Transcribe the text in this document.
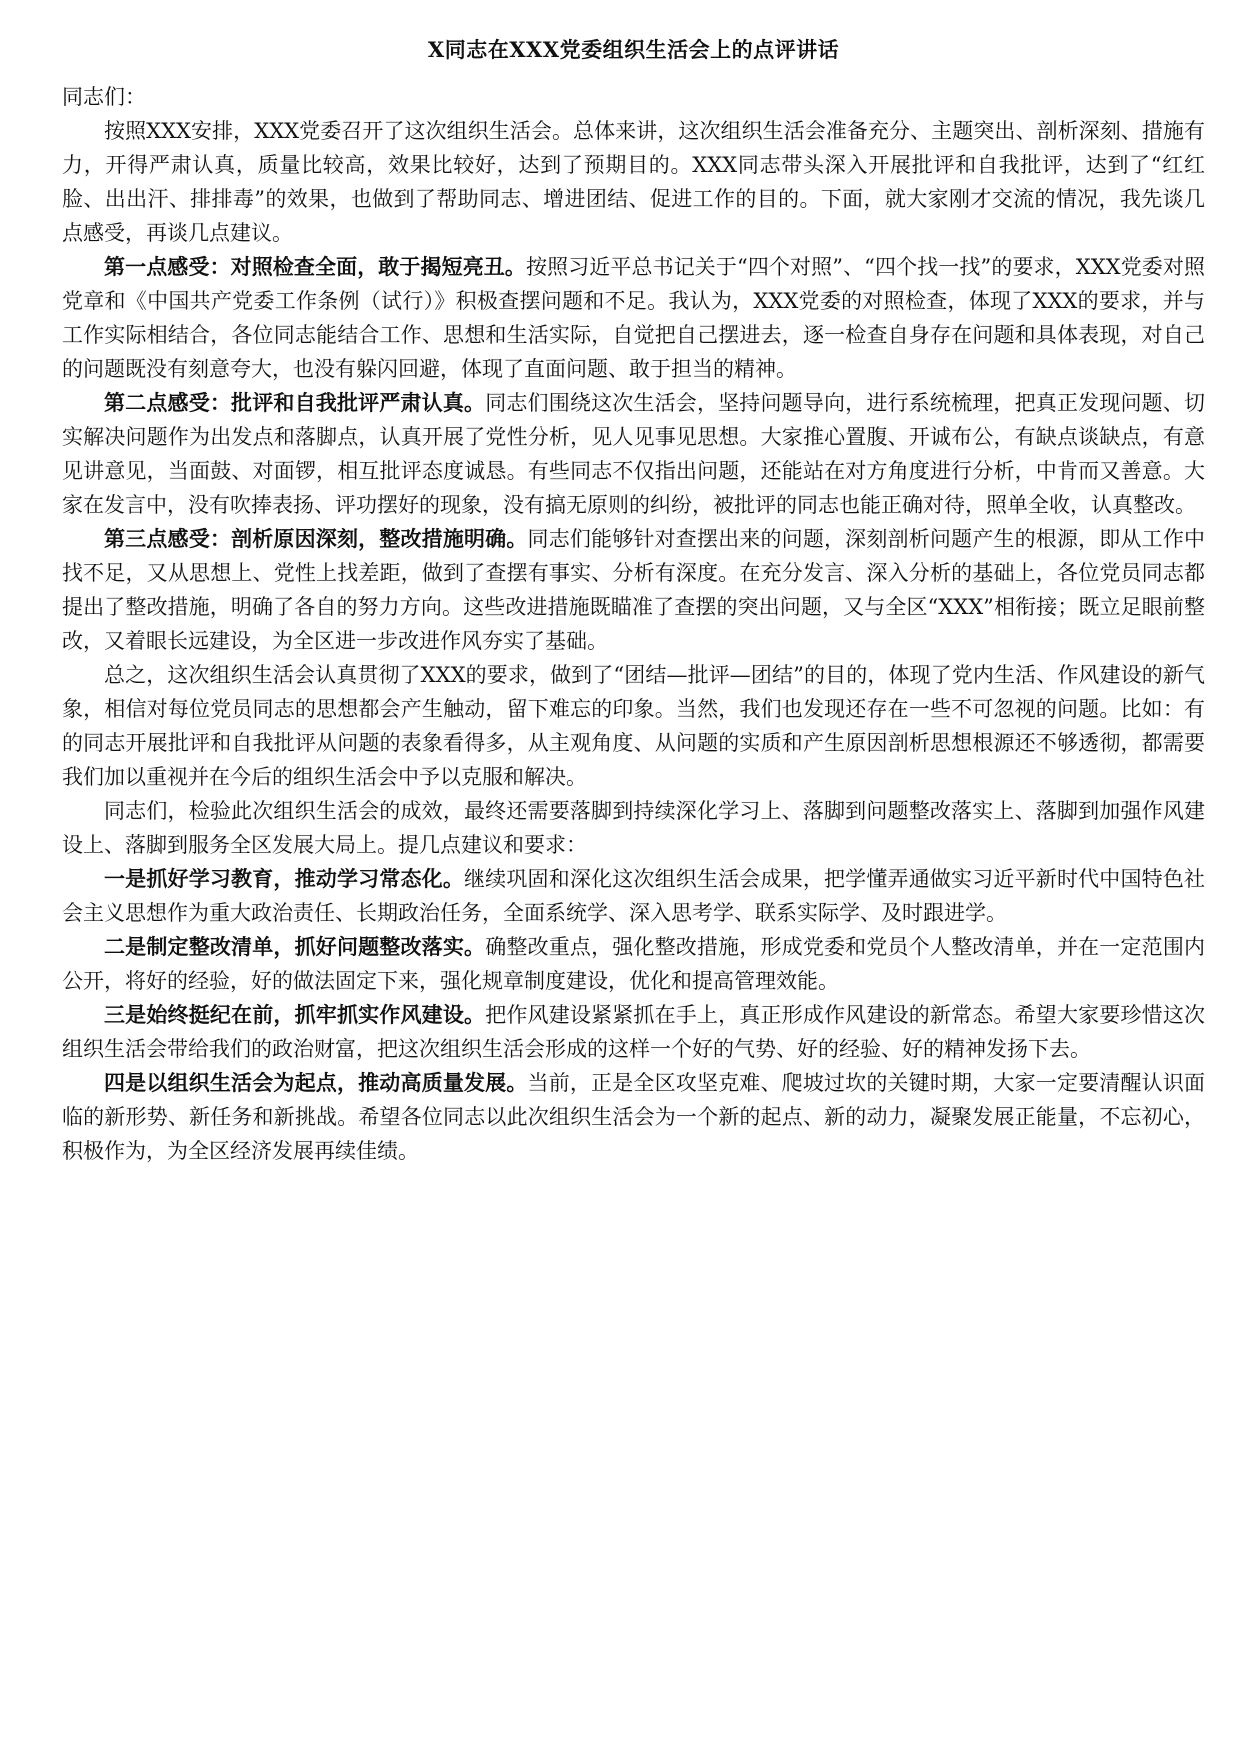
X同志在XXX党委组织生活会上的点评讲话

同志们：

按照XXX安排，XXX党委召开了这次组织生活会。总体来讲，这次组织生活会准备充分、主题突出、剖析深刻、措施有力，开得严肃认真，质量比较高，效果比较好，达到了预期目的。XXX同志带头深入开展批评和自我批评，达到了“红红脸、出出汗、排排毒”的效果，也做到了帮助同志、增进团结、促进工作的目的。下面，就大家刚才交流的情况，我先谈几点感受，再谈几点建议。

第一点感受：对照检查全面，敢于揭短亮丑。按照习近平总书记关于“四个对照”、“四个找一找”的要求，XXX党委对照党章和《中国共产党委工作条例（试行）》积极查摆问题和不足。我认为，XXX党委的对照检查，体现了XXX的要求，并与工作实际相结合，各位同志能结合工作、思想和生活实际，自觉把自己摆进去，逐一检查自身存在问题和具体表现，对自己的问题既没有刻意夸大，也没有躲闪回避，体现了直面问题、敢于担当的精神。

第二点感受：批评和自我批评严肃认真。同志们围绕这次生活会，坚持问题导向，进行系统梳理，把真正发现问题、切实解决问题作为出发点和落脚点，认真开展了党性分析，见人见事见思想。大家推心置腹、开诚布公，有缺点谈缺点，有意见讲意见，当面鼓、对面锣，相互批评态度诚恳。有些同志不仅指出问题，还能站在对方角度进行分析，中肯而又善意。大家在发言中，没有吹捧表扬、评功摆好的现象，没有搞无原则的纠纷，被批评的同志也能正确对待，照单全收，认真整改。

第三点感受：剖析原因深刻，整改措施明确。同志们能够针对查摆出来的问题，深刻剖析问题产生的根源，即从工作中找不足，又从思想上、党性上找差距，做到了查摆有事实、分析有深度。在充分发言、深入分析的基础上，各位党员同志都提出了整改措施，明确了各自的努力方向。这些改进措施既瞄准了查摆的突出问题，又与全区“XXX”相衔接；既立足眼前整改，又着眼长远建设，为全区进一步改进作风夯实了基础。

总之，这次组织生活会认真贯彻了XXX的要求，做到了“团结—批评—团结”的目的，体现了党内生活、作风建设的新气象，相信对每位党员同志的思想都会产生触动，留下难忘的印象。当然，我们也发现还存在一些不可忽视的问题。比如：有的同志开展批评和自我批评从问题的表象看得多，从主观角度、从问题的实质和产生原因剖析思想根源还不够透彻，都需要我们加以重视并在今后的组织生活会中予以克服和解决。

同志们，检验此次组织生活会的成效，最终还需要落脚到持续深化学习上、落脚到问题整改落实上、落脚到加强作风建设上、落脚到服务全区发展大局上。提几点建议和要求：

一是抓好学习教育，推动学习常态化。继续巩固和深化这次组织生活会成果，把学懂弄通做实习近平新时代中国特色社会主义思想作为重大政治责任、长期政治任务，全面系统学、深入思考学、联系实际学、及时跟进学。

二是制定整改清单，抓好问题整改落实。确整改重点，强化整改措施，形成党委和党员个人整改清单，并在一定范围内公开，将好的经验，好的做法固定下来，强化规章制度建设，优化和提高管理效能。

三是始终挺纪在前，抓牢抓实作风建设。把作风建设紧紧抓在手上，真正形成作风建设的新常态。希望大家要珍惜这次组织生活会带给我们的政治财富，把这次组织生活会形成的这样一个好的气势、好的经验、好的精神发扬下去。

四是以组织生活会为起点，推动高质量发展。当前，正是全区攻坚克难、爬坡过坎的关键时期，大家一定要清醒认识面临的新形势、新任务和新挑战。希望各位同志以此次组织生活会为一个新的起点、新的动力，凝聚发展正能量，不忘初心，积极作为，为全区经济发展再续佳绩。
